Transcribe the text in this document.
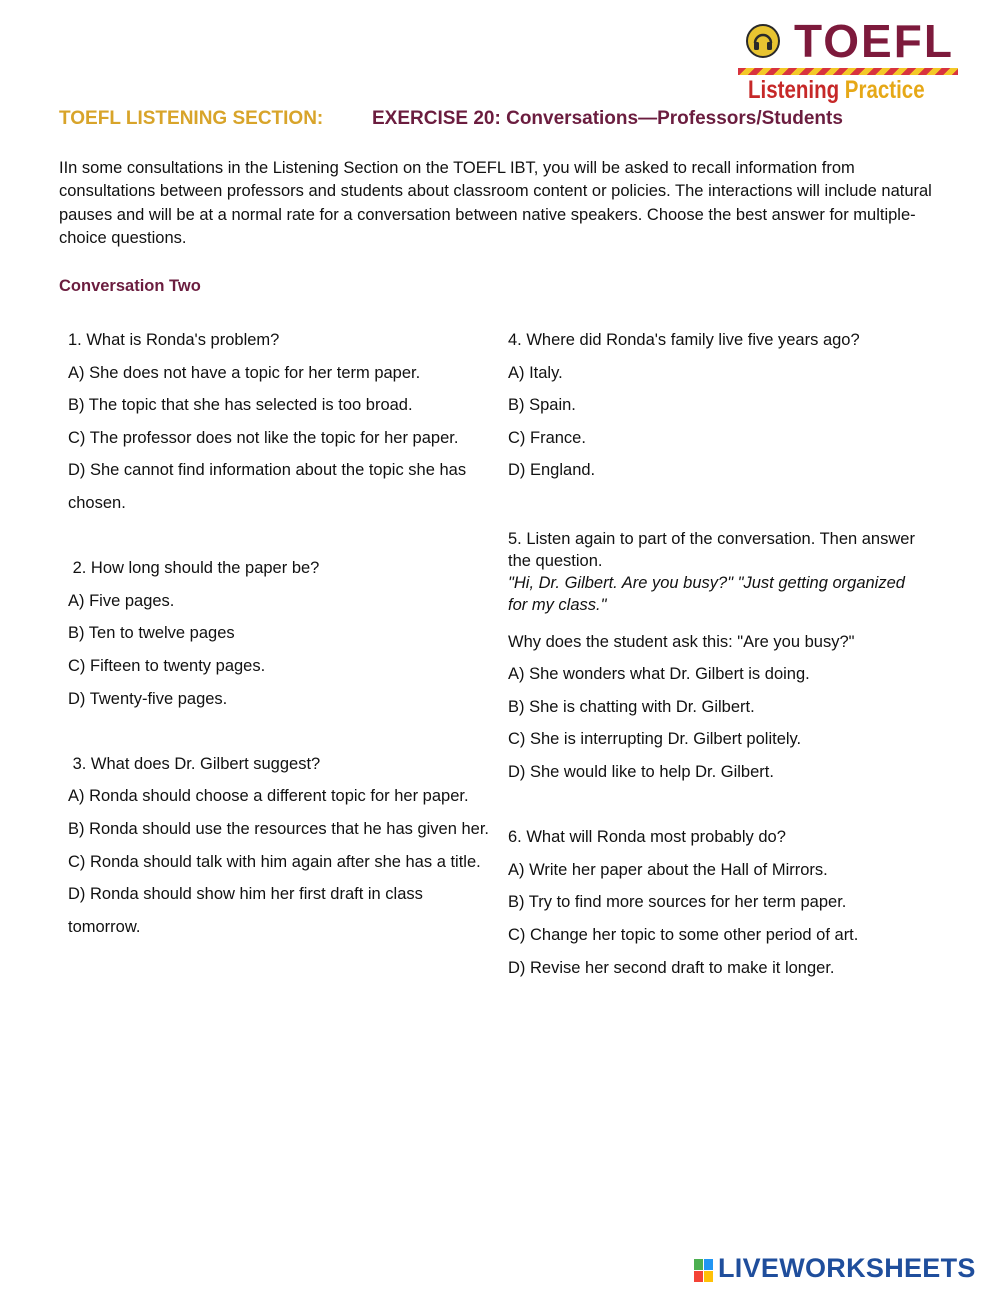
TOEFL
Listening Practice
TOEFL LISTENING SECTION:	EXERCISE 20: Conversations—Professors/Students

IIn some consultations in the Listening Section on the TOEFL IBT, you will be asked to recall information from consultations between professors and students about classroom content or policies. The interactions will include natural pauses and will be at a normal rate for a conversation between native speakers. Choose the best answer for multiple-choice questions.

Conversation Two

1. What is Ronda's problem?

A) She does not have a topic for her term paper.

B) The topic that she has selected is too broad.

C) The professor does not like the topic for her paper.

D) She cannot find information about the topic she has chosen.

2. How long should the paper be?

A) Five pages.

B) Ten to twelve pages

C) Fifteen to twenty pages.

D) Twenty-five pages.

3. What does Dr. Gilbert suggest?

A) Ronda should choose a different topic for her paper.

B) Ronda should use the resources that he has given her.

C) Ronda should talk with him again after she has a title.

D) Ronda should show him her first draft in class tomorrow.

4. Where did Ronda's family live five years ago?

A) Italy.

B) Spain.

C) France.

D) England.

5. Listen again to part of the conversation. Then answer the question.

"Hi, Dr. Gilbert. Are you busy?" "Just getting organized for my class."

Why does the student ask this: "Are you busy?"

A) She wonders what Dr. Gilbert is doing.

B) She is chatting with Dr. Gilbert.

C) She is interrupting Dr. Gilbert politely.

D) She would like to help Dr. Gilbert.

6. What will Ronda most probably do?

A) Write her paper about the Hall of Mirrors.

B) Try to find more sources for her term paper.

C) Change her topic to some other period of art.

D) Revise her second draft to make it longer.

LIVEWORKSHEETS
